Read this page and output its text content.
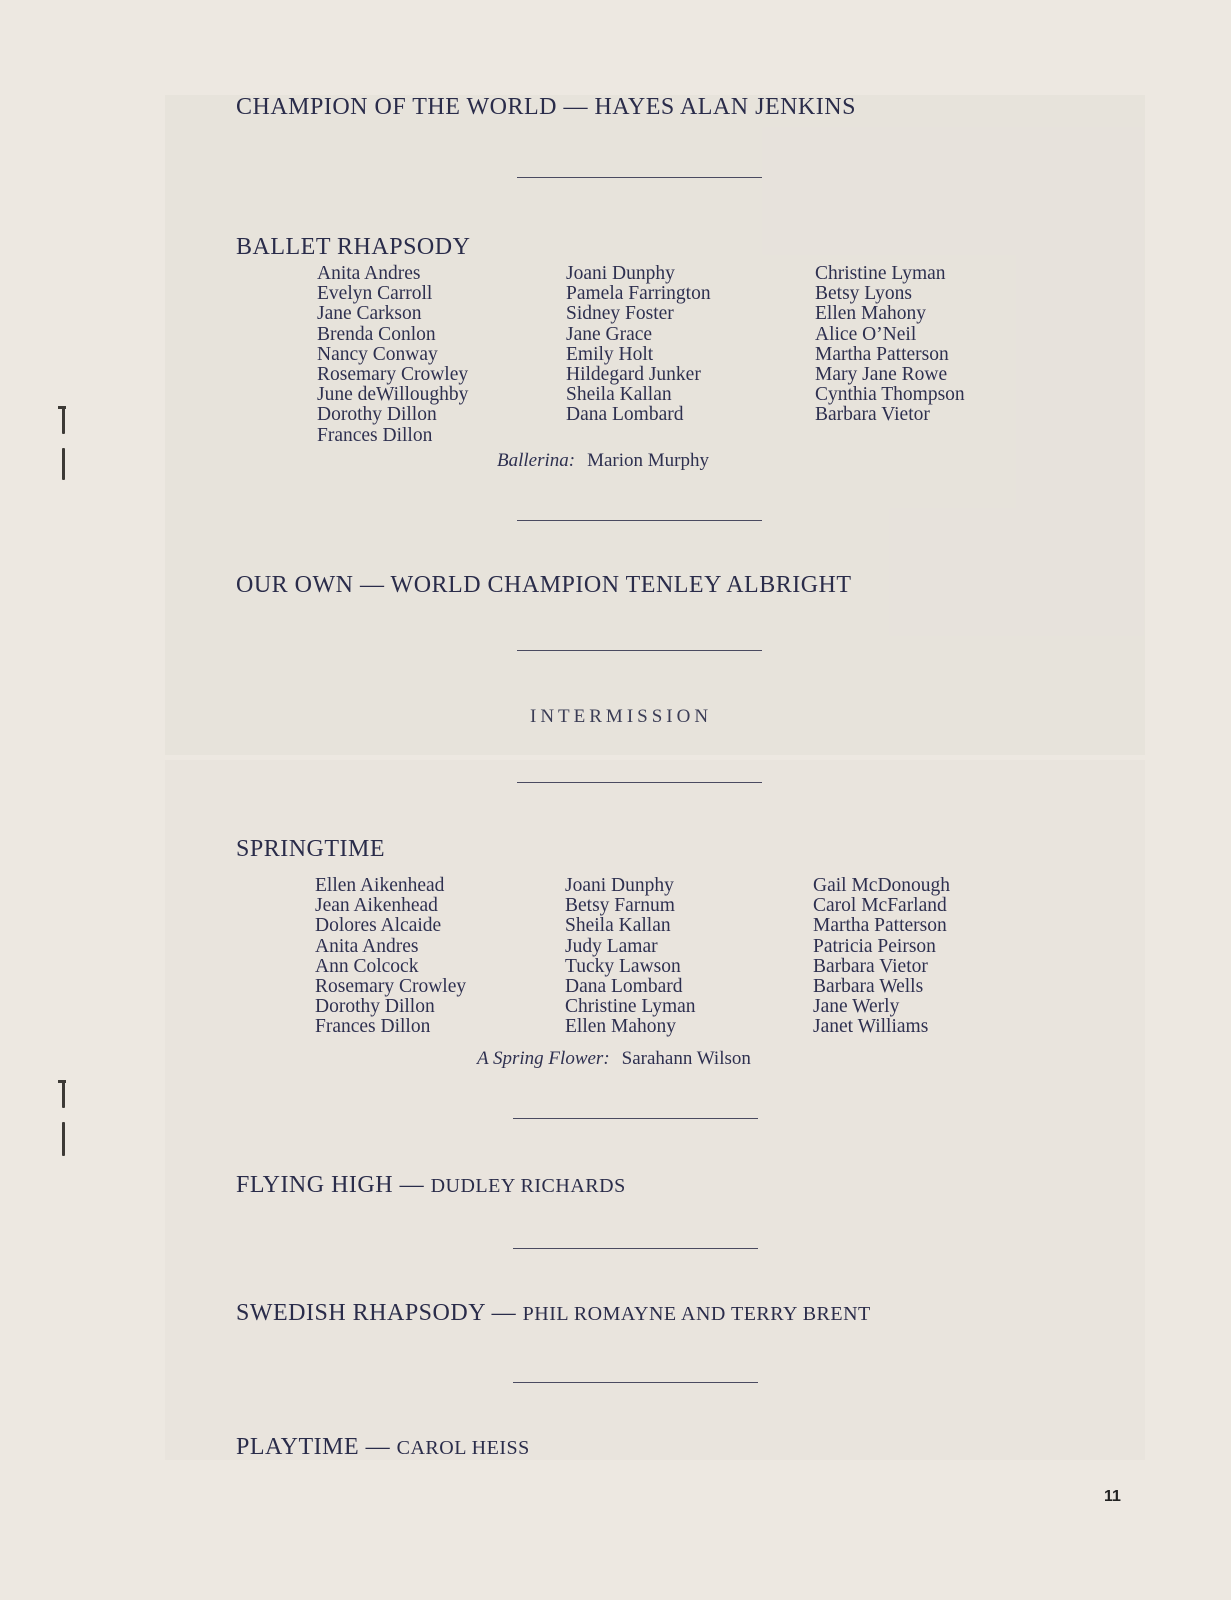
CHAMPION OF THE WORLD — HAYES ALAN JENKINS
BALLET RHAPSODY
Anita Andres
Evelyn Carroll
Jane Carkson
Brenda Conlon
Nancy Conway
Rosemary Crowley
June deWilloughby
Dorothy Dillon
Frances Dillon
Joani Dunphy
Pamela Farrington
Sidney Foster
Jane Grace
Emily Holt
Hildegard Junker
Sheila Kallan
Dana Lombard
Christine Lyman
Betsy Lyons
Ellen Mahony
Alice O’Neil
Martha Patterson
Mary Jane Rowe
Cynthia Thompson
Barbara Vietor
Ballerina: Marion Murphy
OUR OWN — WORLD CHAMPION TENLEY ALBRIGHT
INTERMISSION
SPRINGTIME
Ellen Aikenhead
Jean Aikenhead
Dolores Alcaide
Anita Andres
Ann Colcock
Rosemary Crowley
Dorothy Dillon
Frances Dillon
Joani Dunphy
Betsy Farnum
Sheila Kallan
Judy Lamar
Tucky Lawson
Dana Lombard
Christine Lyman
Ellen Mahony
Gail McDonough
Carol McFarland
Martha Patterson
Patricia Peirson
Barbara Vietor
Barbara Wells
Jane Werly
Janet Williams
A Spring Flower: Sarahann Wilson
FLYING HIGH — DUDLEY RICHARDS
SWEDISH RHAPSODY — PHIL ROMAYNE AND TERRY BRENT
PLAYTIME — CAROL HEISS
11
